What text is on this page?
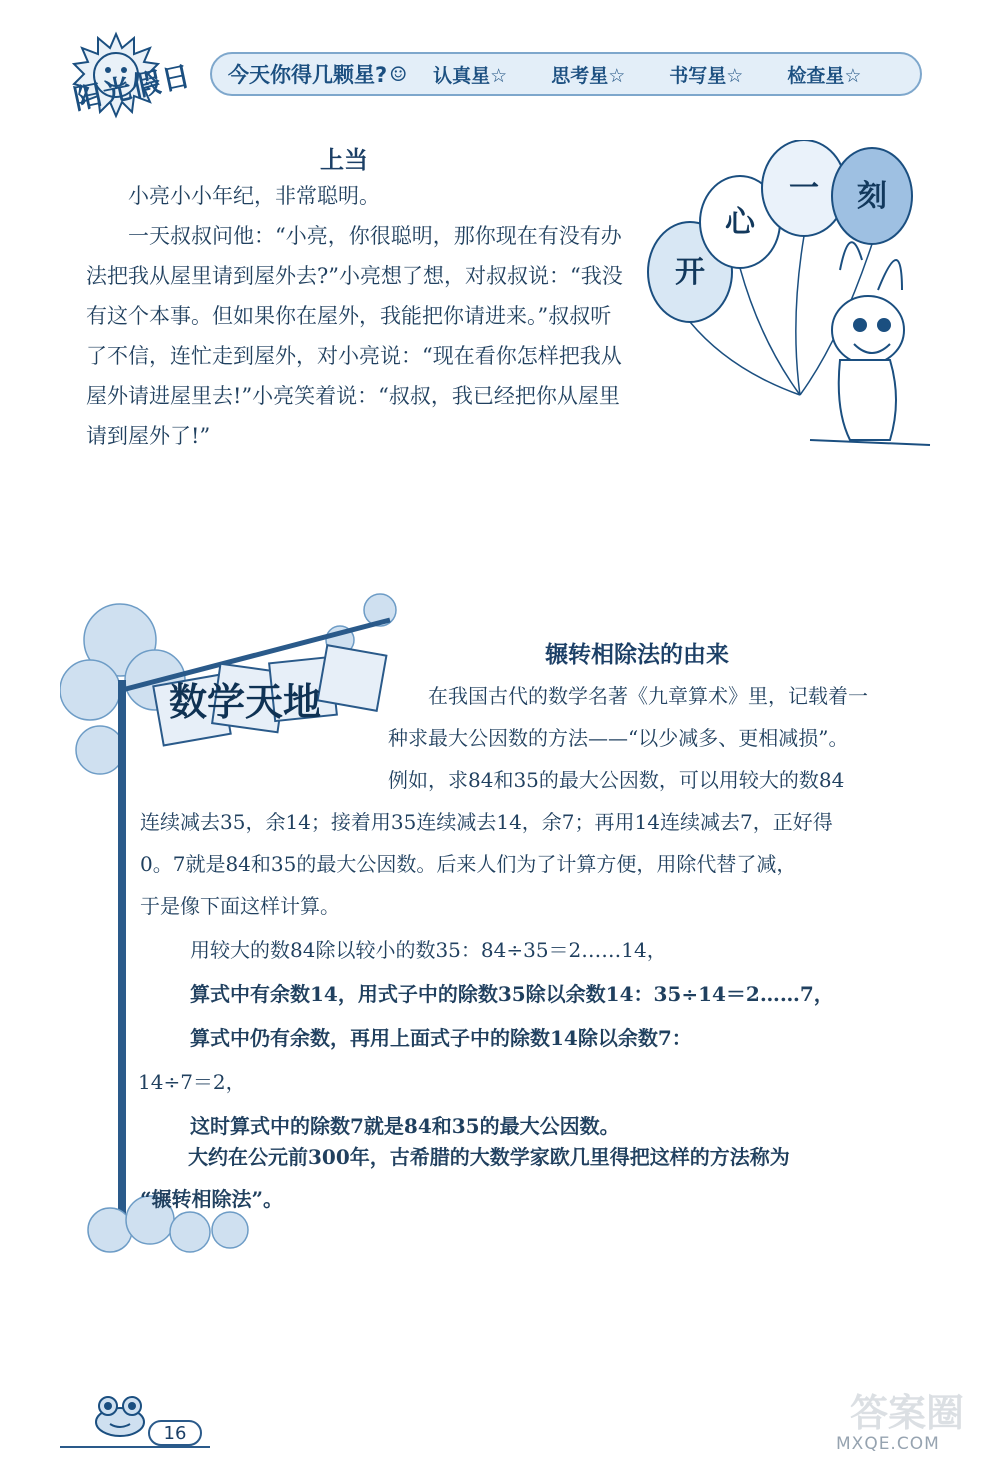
阳光假日 今天你得几颗星? ☺ 认真星☆ 思考星☆ 书写星☆ 检查星☆
上当

小亮小小年纪，非常聪明。

一天叔叔问他：“小亮，你很聪明，那你现在有没有办法把我从屋里请到屋外去?”小亮想了想，对叔叔说：“我没有这个本事。但如果你在屋外，我能把你请进来。”叔叔听了不信，连忙走到屋外，对小亮说：“现在看你怎样把我从屋外请进屋里去!”小亮笑着说：“叔叔，我已经把你从屋里请到屋外了!”

开
心
一 刻
数学天地
辗转相除法的由来

在我国古代的数学名著《九章算术》里，记载着一

种求最大公因数的方法——“以少减多、更相减损”。

例如，求84和35的最大公因数，可以用较大的数84

连续减去35，余14；接着用35连续减去14，余7；再用14连续减去7，正好得

0。7就是84和35的最大公因数。后来人们为了计算方便，用除代替了减，

于是像下面这样计算。

用较大的数84除以较小的数35：84÷35＝2……14，

算式中有余数14，用式子中的除数35除以余数14：35÷14＝2……7，

算式中仍有余数，再用上面式子中的除数14除以余数7：

14÷7＝2，

这时算式中的除数7就是84和35的最大公因数。

大约在公元前300年，古希腊的大数学家欧几里得把这样的方法称为

“辗转相除法”。

16	答案圈
MXQE.COM
